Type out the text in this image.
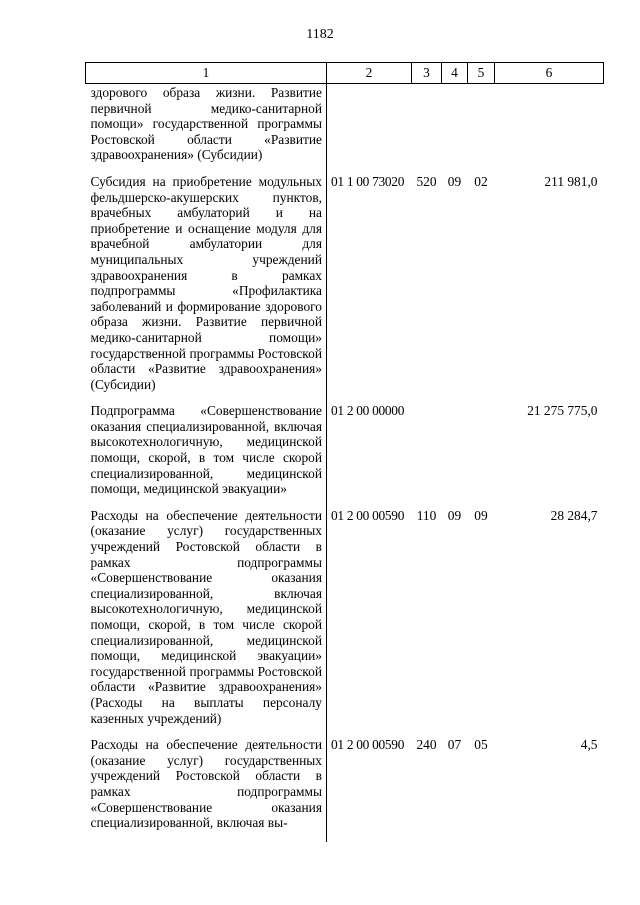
1182
1	2	3	4	5	6
здорового образа жизни. Развитие первичной медико-санитарной помощи» государственной программы Ростовской области «Развитие здравоохранения» (Субсидии)					
Субсидия на приобретение модульных фельдшерско-акушерских пунктов, врачебных амбулаторий и на приобретение и оснащение модуля для врачебной амбулатории для муниципальных учреждений здравоохранения в рамках подпрограммы «Профилактика заболеваний и формирование здорового образа жизни. Развитие первичной медико-санитарной помощи» государственной программы Ростовской области «Развитие здравоохранения» (Субсидии)	01 1 00 73020	520	09	02	211 981,0
Подпрограмма «Совершенствование оказания специализированной, включая высокотехнологичную, медицинской помощи, скорой, в том числе скорой специализированной, медицинской помощи, медицинской эвакуации»	01 2 00 00000				21 275 775,0
Расходы на обеспечение деятельности (оказание услуг) государственных учреждений Ростовской области в рамках подпрограммы «Совершенствование оказания специализированной, включая высокотехнологичную, медицинской помощи, скорой, в том числе скорой специализированной, медицинской помощи, медицинской эвакуации» государственной программы Ростовской области «Развитие здравоохранения» (Расходы на выплаты персоналу казенных учреждений)	01 2 00 00590	110	09	09	28 284,7
Расходы на обеспечение деятельности (оказание услуг) государственных учреждений Ростовской области в рамках подпрограммы «Совершенствование оказания специализированной, включая вы-	01 2 00 00590	240	07	05	4,5
